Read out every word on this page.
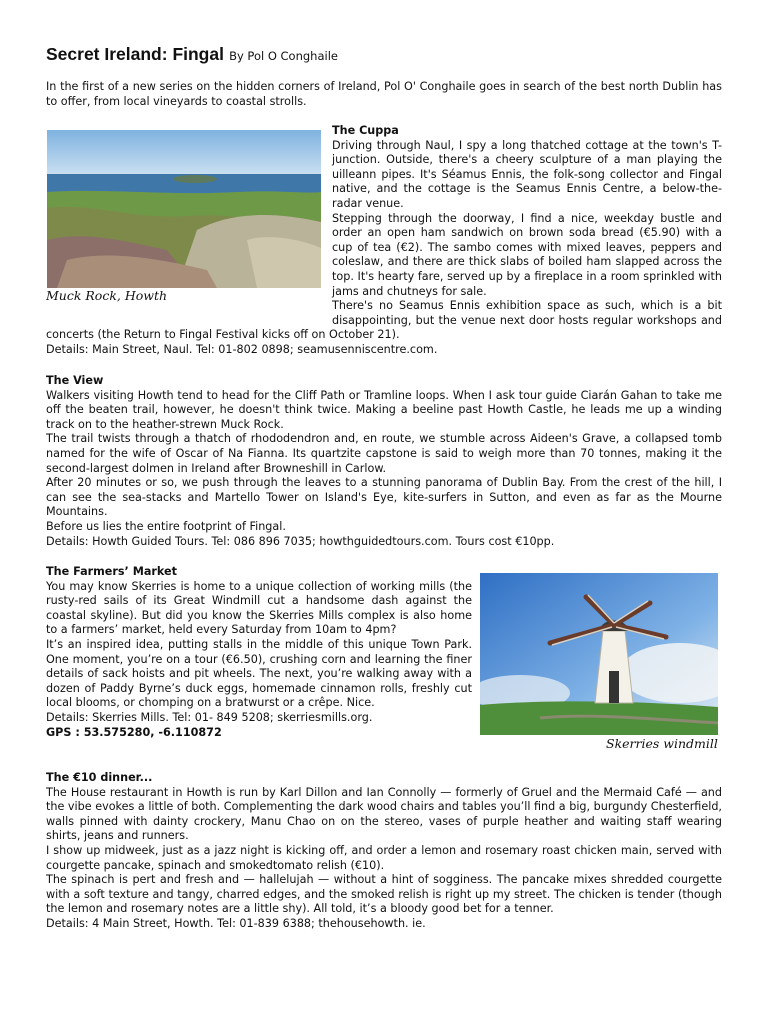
Secret Ireland: Fingal By Pol O Conghaile
In the first of a new series on the hidden corners of Ireland, Pol O' Conghaile goes in search of the best north Dublin has to offer, from local vineyards to coastal strolls.

The Cuppa

Driving through Naul, I spy a long thatched cottage at the town's T-junction. Outside, there's a cheery sculpture of a man playing the uilleann pipes. It's Séamus Ennis, the folk-song collector and Fingal native, and the cottage is the Seamus Ennis Centre, a below-the-radar venue.

Stepping through the doorway, I find a nice, weekday bustle and order an open ham sandwich on brown soda bread (€5.90) with a cup of tea (€2). The sambo comes with mixed leaves, peppers and coleslaw, and there are thick slabs of boiled ham slapped across the top. It's hearty fare, served up by a fireplace in a room sprinkled with jams and chutneys for sale.

There's no Seamus Ennis exhibition space as such, which is a bit disappointing, but the venue next door hosts regular workshops and concerts (the Return to Fingal Festival kicks off on October 21).

Details: Main Street, Naul. Tel: 01-802 0898; seamusenniscentre.com.

Muck Rock, Howth

The View

Walkers visiting Howth tend to head for the Cliff Path or Tramline loops. When I ask tour guide Ciarán Gahan to take me off the beaten trail, however, he doesn't think twice. Making a beeline past Howth Castle, he leads me up a winding track on to the heather-strewn Muck Rock.

The trail twists through a thatch of rhododendron and, en route, we stumble across Aideen's Grave, a collapsed tomb named for the wife of Oscar of Na Fianna. Its quartzite capstone is said to weigh more than 70 tonnes, making it the second-largest dolmen in Ireland after Browneshill in Carlow.

After 20 minutes or so, we push through the leaves to a stunning panorama of Dublin Bay. From the crest of the hill, I can see the sea-stacks and Martello Tower on Island's Eye, kite-surfers in Sutton, and even as far as the Mourne Mountains.

Before us lies the entire footprint of Fingal.

Details: Howth Guided Tours. Tel: 086 896 7035; howthguidedtours.com. Tours cost €10pp.

The Farmers’ Market

You may know Skerries is home to a unique collection of working mills (the rusty-red sails of its Great Windmill cut a handsome dash against the coastal skyline). But did you know the Skerries Mills complex is also home to a farmers’ market, held every Saturday from 10am to 4pm?

It’s an inspired idea, putting stalls in the middle of this unique Town Park. One moment, you’re on a tour (€6.50), crushing corn and learning the finer details of sack hoists and pit wheels. The next, you’re walking away with a dozen of Paddy Byrne’s duck eggs, homemade cinnamon rolls, freshly cut local blooms, or chomping on a bratwurst or a crêpe. Nice.

Details: Skerries Mills. Tel: 01- 849 5208; skerriesmills.org.

GPS : 53.575280, -6.110872

Skerries windmill

The €10 dinner...

The House restaurant in Howth is run by Karl Dillon and Ian Connolly — formerly of Gruel and the Mermaid Café — and the vibe evokes a little of both. Complementing the dark wood chairs and tables you’ll find a big, burgundy Chesterfield, walls pinned with dainty crockery, Manu Chao on on the stereo, vases of purple heather and waiting staff wearing shirts, jeans and runners.

I show up midweek, just as a jazz night is kicking off, and order a lemon and rosemary roast chicken main, served with courgette pancake, spinach and smokedtomato relish (€10).

The spinach is pert and fresh and — hallelujah — without a hint of sogginess. The pancake mixes shredded courgette with a soft texture and tangy, charred edges, and the smoked relish is right up my street. The chicken is tender (though the lemon and rosemary notes are a little shy). All told, it’s a bloody good bet for a tenner.

Details: 4 Main Street, Howth. Tel: 01-839 6388; thehousehowth. ie.
